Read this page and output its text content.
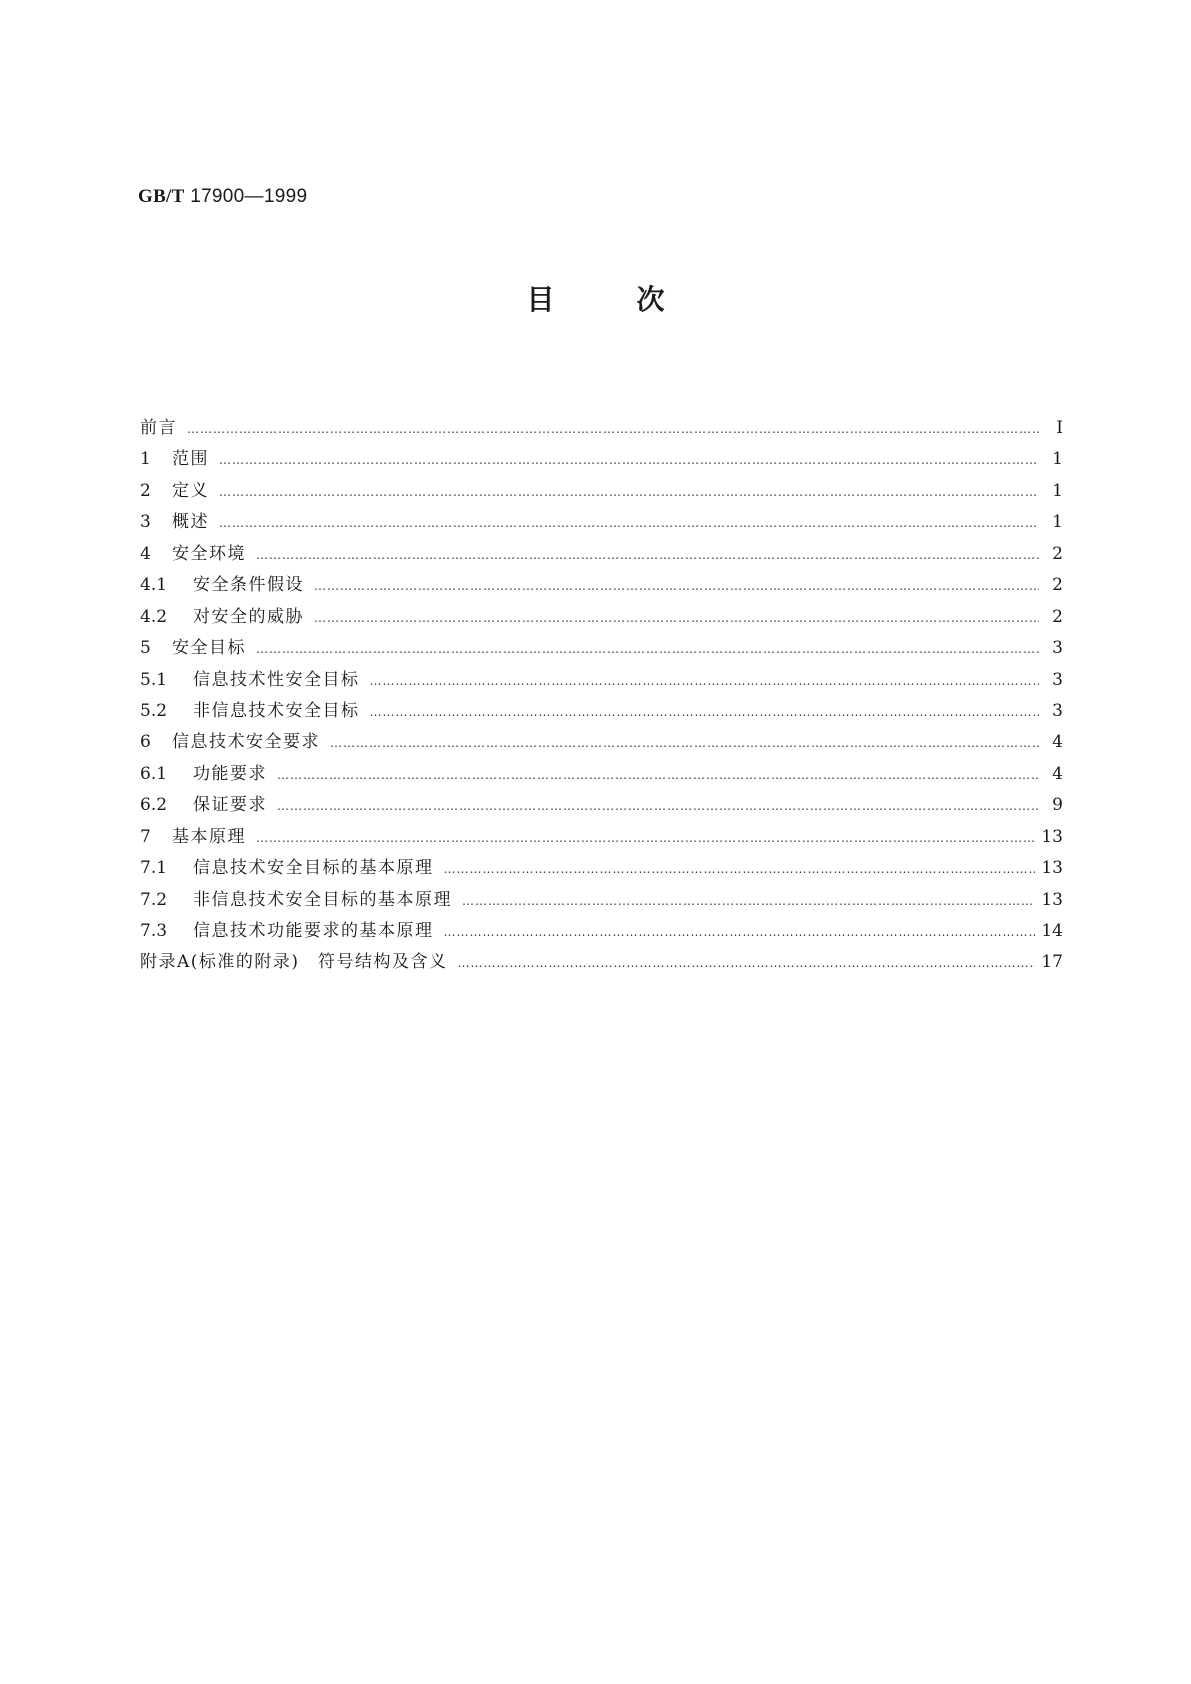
GB/T 17900—1999
目次
前言 ……………………………………………………………………………………………………………………………………………………………………………………………	Ⅰ
1	范围 ……………………………………………………………………………………………………………………………………………………………………………………………	1
2	定义 ……………………………………………………………………………………………………………………………………………………………………………………………	1
3	概述 ……………………………………………………………………………………………………………………………………………………………………………………………	1
4	安全环境 ……………………………………………………………………………………………………………………………………………………………………………………………	2
4.1	安全条件假设 ……………………………………………………………………………………………………………………………………………………………………………………………	2
4.2	对安全的威胁 ……………………………………………………………………………………………………………………………………………………………………………………………	2
5	安全目标 ……………………………………………………………………………………………………………………………………………………………………………………………	3
5.1	信息技术性安全目标 ……………………………………………………………………………………………………………………………………………………………………………………………	3
5.2	非信息技术安全目标 ……………………………………………………………………………………………………………………………………………………………………………………………	3
6	信息技术安全要求 ……………………………………………………………………………………………………………………………………………………………………………………………	4
6.1	功能要求 ……………………………………………………………………………………………………………………………………………………………………………………………	4
6.2	保证要求 ……………………………………………………………………………………………………………………………………………………………………………………………	9
7	基本原理 ……………………………………………………………………………………………………………………………………………………………………………………………	13
7.1	信息技术安全目标的基本原理 ……………………………………………………………………………………………………………………………………………………………………………………………	13
7.2	非信息技术安全目标的基本原理 ……………………………………………………………………………………………………………………………………………………………………………………………	13
7.3	信息技术功能要求的基本原理 ……………………………………………………………………………………………………………………………………………………………………………………………	14
附录A(标准的附录)　符号结构及含义 ……………………………………………………………………………………………………………………………………………………………………………………………	17
